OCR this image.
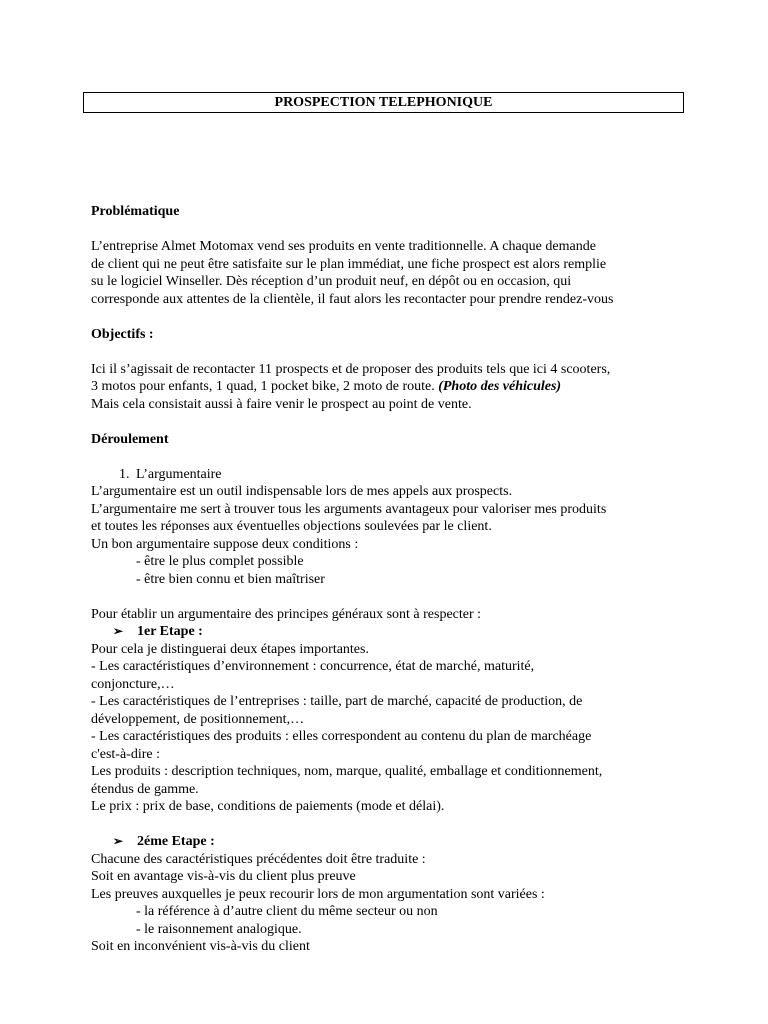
PROSPECTION TELEPHONIQUE

Problématique

L’entreprise Almet Motomax vend ses produits en vente traditionnelle. A chaque demande

de client qui ne peut être satisfaite sur le plan immédiat, une fiche prospect est alors remplie

su le logiciel Winseller. Dès réception d’un produit neuf, en dépôt ou en occasion, qui

corresponde aux attentes de la clientèle, il faut alors les recontacter pour prendre rendez-vous

Objectifs :

Ici il s’agissait de recontacter 11 prospects et de proposer des produits tels que ici 4 scooters,

3 motos pour enfants, 1 quad, 1 pocket bike, 2 moto de route. (Photo des véhicules)

Mais cela consistait aussi à faire venir le prospect au point de vente.

Déroulement

1. L’argumentaire

L’argumentaire est un outil indispensable lors de mes appels aux prospects.

L’argumentaire me sert à trouver tous les arguments avantageux pour valoriser mes produits

et toutes les réponses aux éventuelles objections soulevées par le client.

Un bon argumentaire suppose deux conditions :

- être le plus complet possible

- être bien connu et bien maîtriser

Pour établir un argumentaire des principes généraux sont à respecter :

➢ 1er Etape :

Pour cela je distinguerai deux étapes importantes.

- Les caractéristiques d’environnement : concurrence, état de marché, maturité,

conjoncture,…

- Les caractéristiques de l’entreprises : taille, part de marché, capacité de production, de

développement, de positionnement,…

- Les caractéristiques des produits : elles correspondent au contenu du plan de marchéage

c'est-à-dire :

Les produits : description techniques, nom, marque, qualité, emballage et conditionnement,

étendus de gamme.

Le prix : prix de base, conditions de paiements (mode et délai).

➢ 2éme Etape :

Chacune des caractéristiques précédentes doit être traduite :

Soit en avantage vis-à-vis du client plus preuve

Les preuves auxquelles je peux recourir lors de mon argumentation sont variées :

- la référence à d’autre client du même secteur ou non

- le raisonnement analogique.

Soit en inconvénient vis-à-vis du client
